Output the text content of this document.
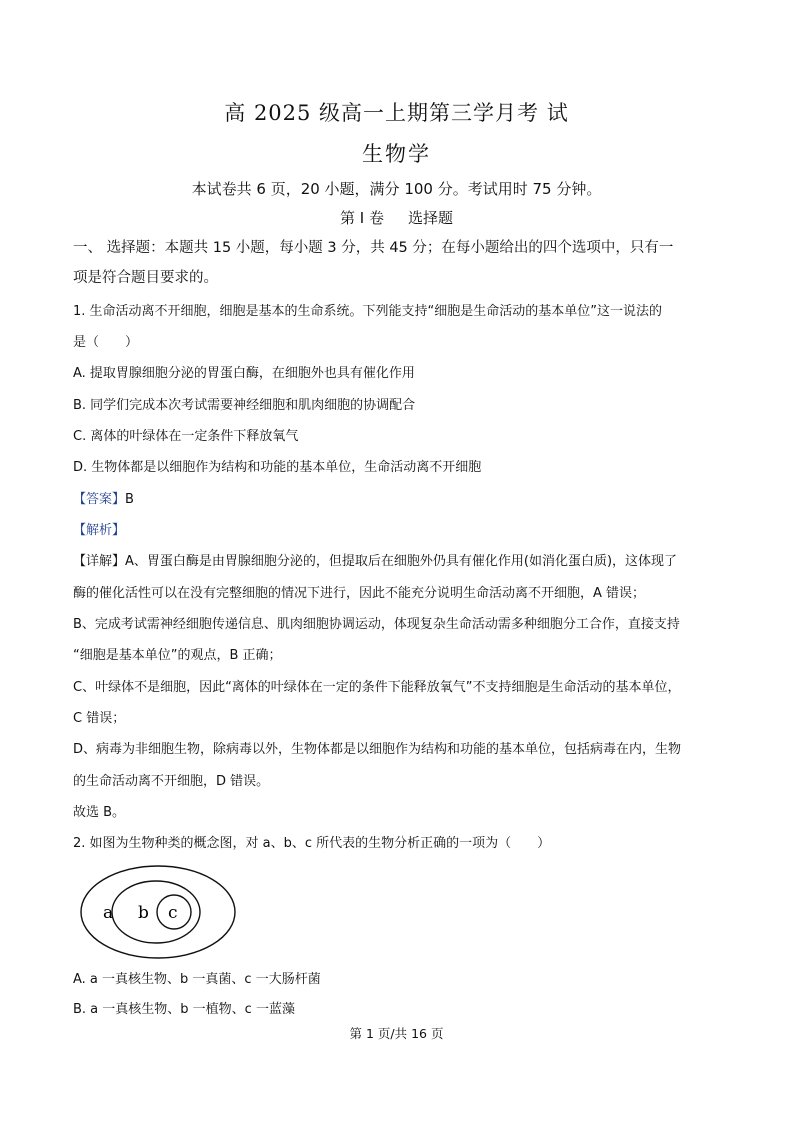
高 2025 级高一上期第三学月考 试
生物学
本试卷共 6 页，20 小题，满分 100 分。考试用时 75 分钟。
第 I 卷 选择题
一、 选择题：本题共 15 小题，每小题 3 分，共 45 分；在每小题给出的四个选项中，只有一
项是符合题目要求的。
1. 生命活动离不开细胞，细胞是基本的生命系统。下列能支持“细胞是生命活动的基本单位”这一说法的
是（　　）
A. 提取胃腺细胞分泌的胃蛋白酶，在细胞外也具有催化作用
B. 同学们完成本次考试需要神经细胞和肌肉细胞的协调配合
C. 离体的叶绿体在一定条件下释放氧气
D. 生物体都是以细胞作为结构和功能的基本单位，生命活动离不开细胞
【答案】B
【解析】
【详解】A、胃蛋白酶是由胃腺细胞分泌的，但提取后在细胞外仍具有催化作用(如消化蛋白质)，这体现了
酶的催化活性可以在没有完整细胞的情况下进行，因此不能充分说明生命活动离不开细胞，A 错误；
B、完成考试需神经细胞传递信息、肌肉细胞协调运动，体现复杂生命活动需多种细胞分工合作，直接支持
“细胞是基本单位”的观点，B 正确；
C、叶绿体不是细胞，因此“离体的叶绿体在一定的条件下能释放氧气”不支持细胞是生命活动的基本单位，
C 错误；
D、病毒为非细胞生物，除病毒以外，生物体都是以细胞作为结构和功能的基本单位，包括病毒在内，生物
的生命活动离不开细胞，D 错误。
故选 B。
2. 如图为生物种类的概念图，对 a、b、c 所代表的生物分析正确的一项为（　　）
a b c
A. a 一真核生物、b 一真菌、c 一大肠杆菌
B. a 一真核生物、b 一植物、c 一蓝藻
第 1 页/共 16 页
